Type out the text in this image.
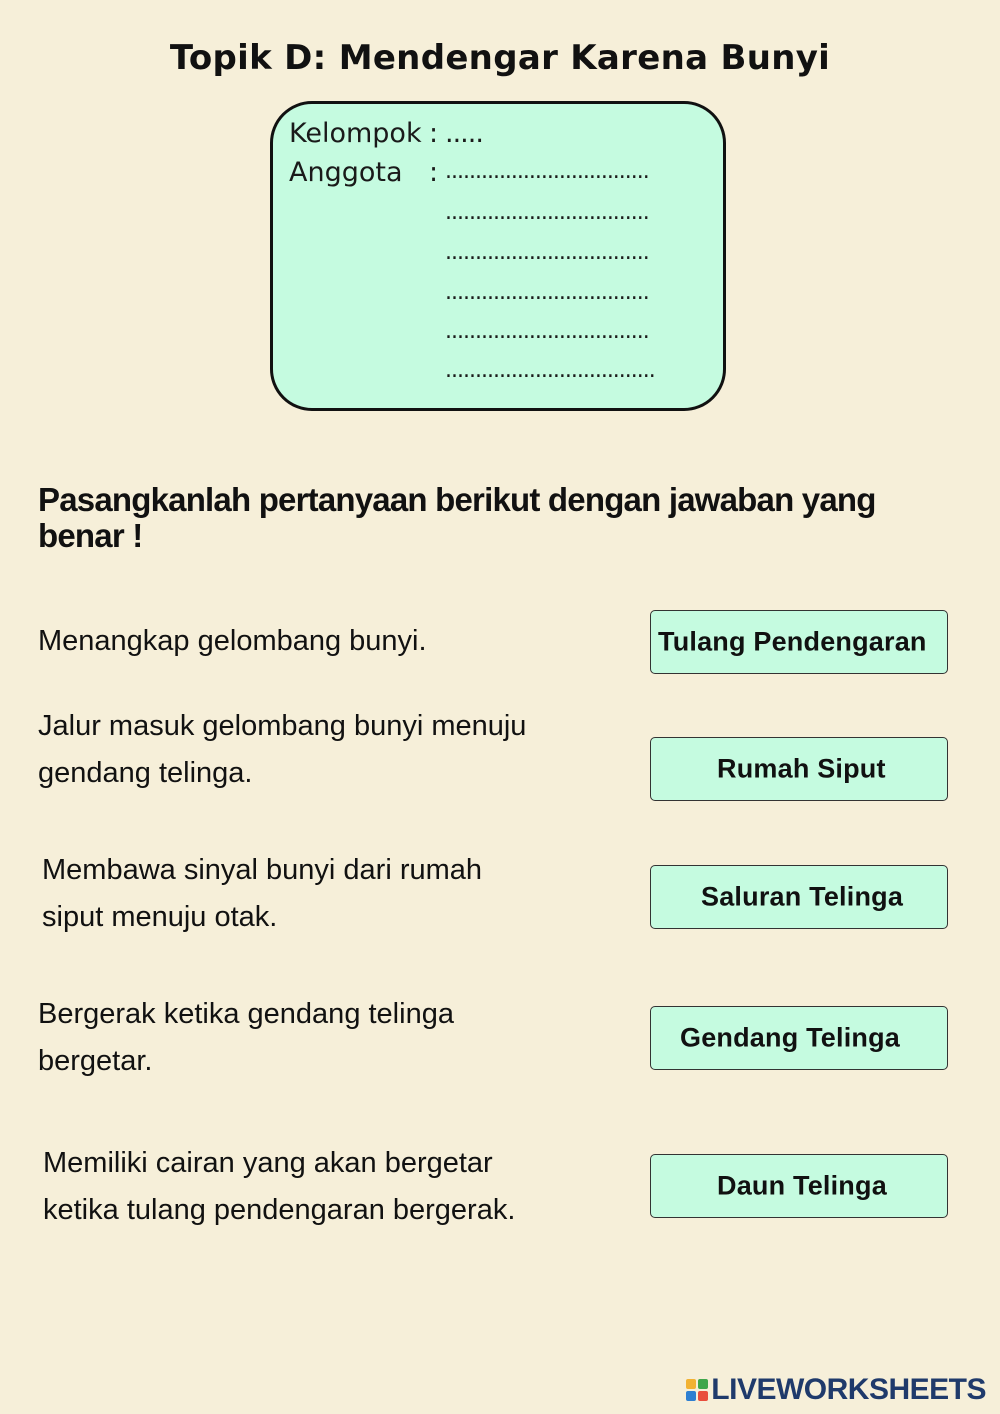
Topik D: Mendengar Karena Bunyi
Kelompok : .....
Anggota : ..................................
..................................
..................................
..................................
..................................
...................................
Pasangkanlah pertanyaan berikut dengan jawaban yang benar !
Menangkap gelombang bunyi.
Jalur masuk gelombang bunyi menuju
gendang telinga.
Membawa sinyal bunyi dari rumah
siput menuju otak.
Bergerak ketika gendang telinga
bergetar.
Memiliki cairan yang akan bergetar
ketika tulang pendengaran bergerak.
Tulang Pendengaran
Rumah Siput
Saluran Telinga
Gendang Telinga
Daun Telinga
LIVEWORKSHEETS
